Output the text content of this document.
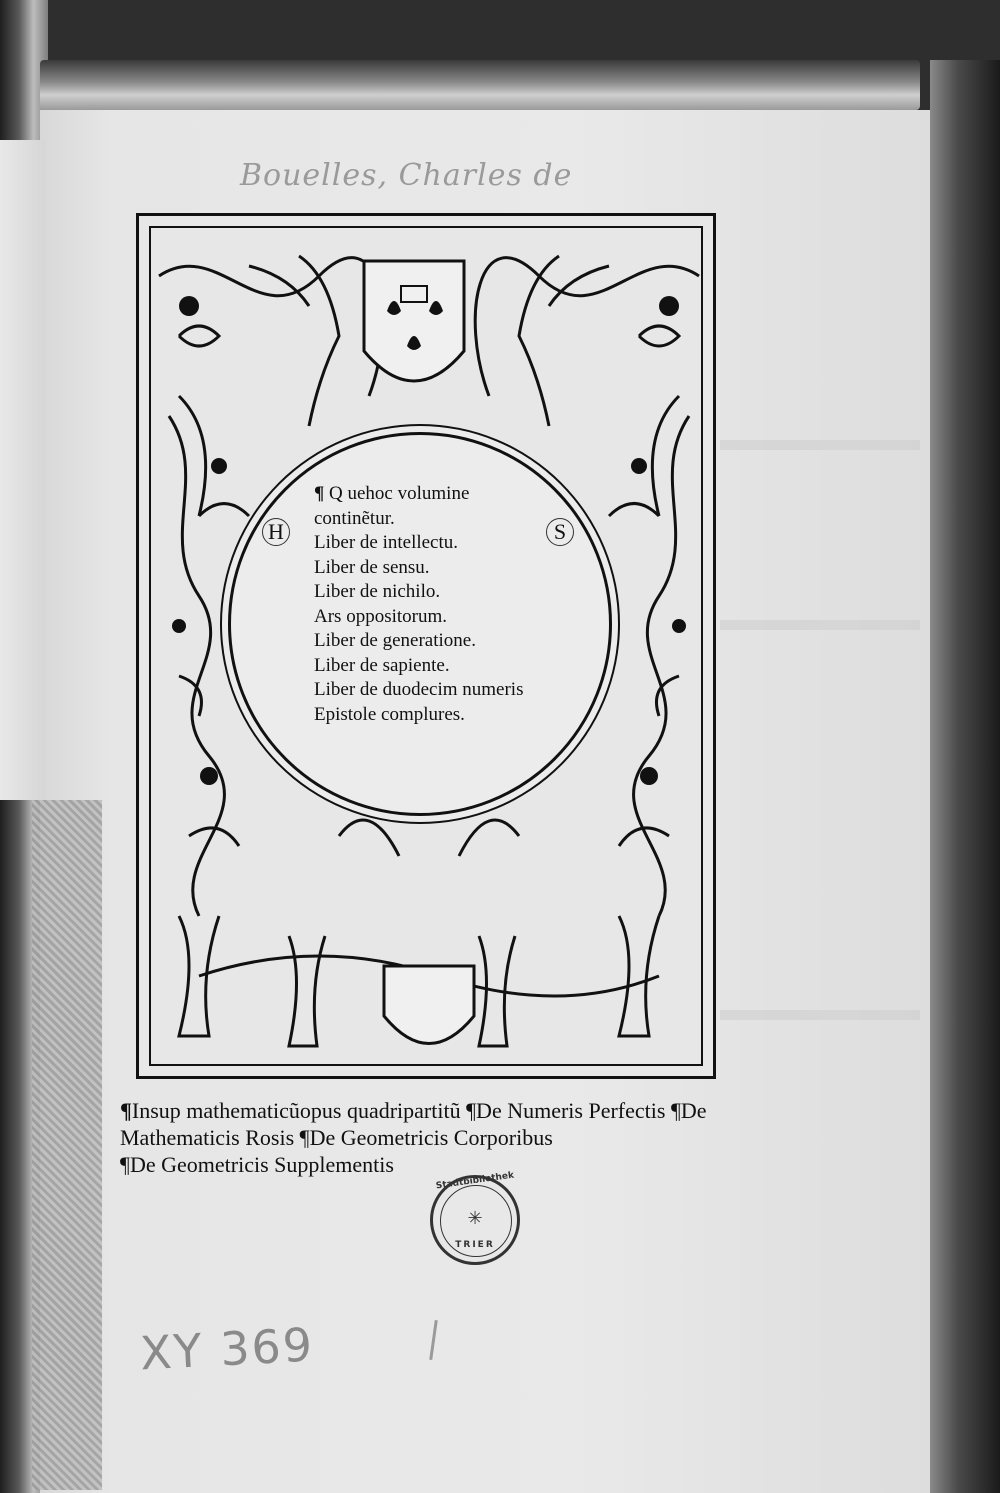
Bouelles, Charles de
H	S
¶ Q uehoc volumine
continẽtur.
Liber de intellectu.
Liber de sensu.
Liber de nichilo.
Ars oppositorum.
Liber de generatione.
Liber de sapiente.
Liber de duodecim numeris
Epistole complures.
¶Insup mathematicũopus quadripartitũ ¶De Numeris Perfectis ¶De
Mathematicis Rosis ¶De Geometricis Corporibus
¶De Geometricis Supplementis
Stadtbibliothek
✳
TRIER
XY 369
